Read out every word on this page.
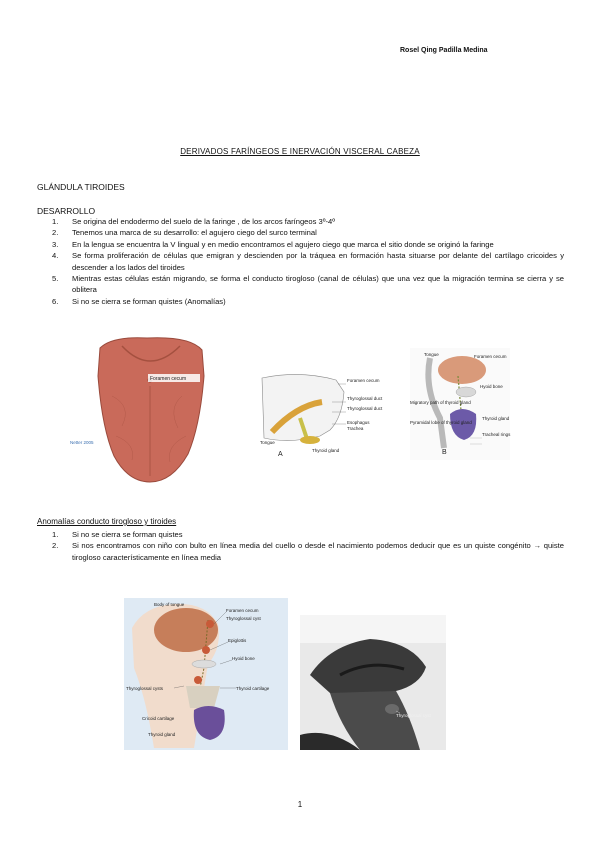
Rosel Qing Padilla Medina
DERIVADOS FARÍNGEOS E INERVACIÓN VISCERAL CABEZA
GLÁNDULA TIROIDES
DESARROLLO
1. Se origina del endodermo del suelo de la faringe , de los arcos faríngeos 3º-4º
2. Tenemos una marca de su desarrollo: el agujero ciego del surco terminal
3. En la lengua se encuentra la V lingual y en medio encontramos el agujero ciego que marca el sitio donde se originó la faringe
4. Se forma proliferación de células que emigran y descienden por la tráquea en formación hasta situarse por delante del cartílago cricoides y descender a los lados del tiroides
5. Mientras estas células están migrando, se forma el conducto tirogloso (canal de células) que una vez que la migración termina se cierra y se oblitera
6. Si no se cierra se forman quistes (Anomalías)
Foramen cecum
Netter 2005
Foramen cecum
Thyroglossal duct
Thyroglossal duct
Esophagus
Trachea
Tongue
Thyroid gland
A
Tongue	Foramen cecum
Hyoid bone
Migratory path of thyroid gland
Pyramidal lobe of thyroid gland
Thyroid gland
Tracheal rings
B
Anomalías conducto tirogloso y tiroides
1. Si no se cierra se forman quistes
2. Si nos encontramos con niño con bulto en línea media del cuello o desde el nacimiento podemos deducir que es un quiste congénito → quiste tirogloso característicamente en línea media
Body of tongue
Foramen cecum
Thyroglossal cyst
Epiglottis
Hyoid bone
Thyroglossal cysts	Thyroid cartilage
Cricoid cartilage
Thyroid gland
Thyroglossal cyst
1
